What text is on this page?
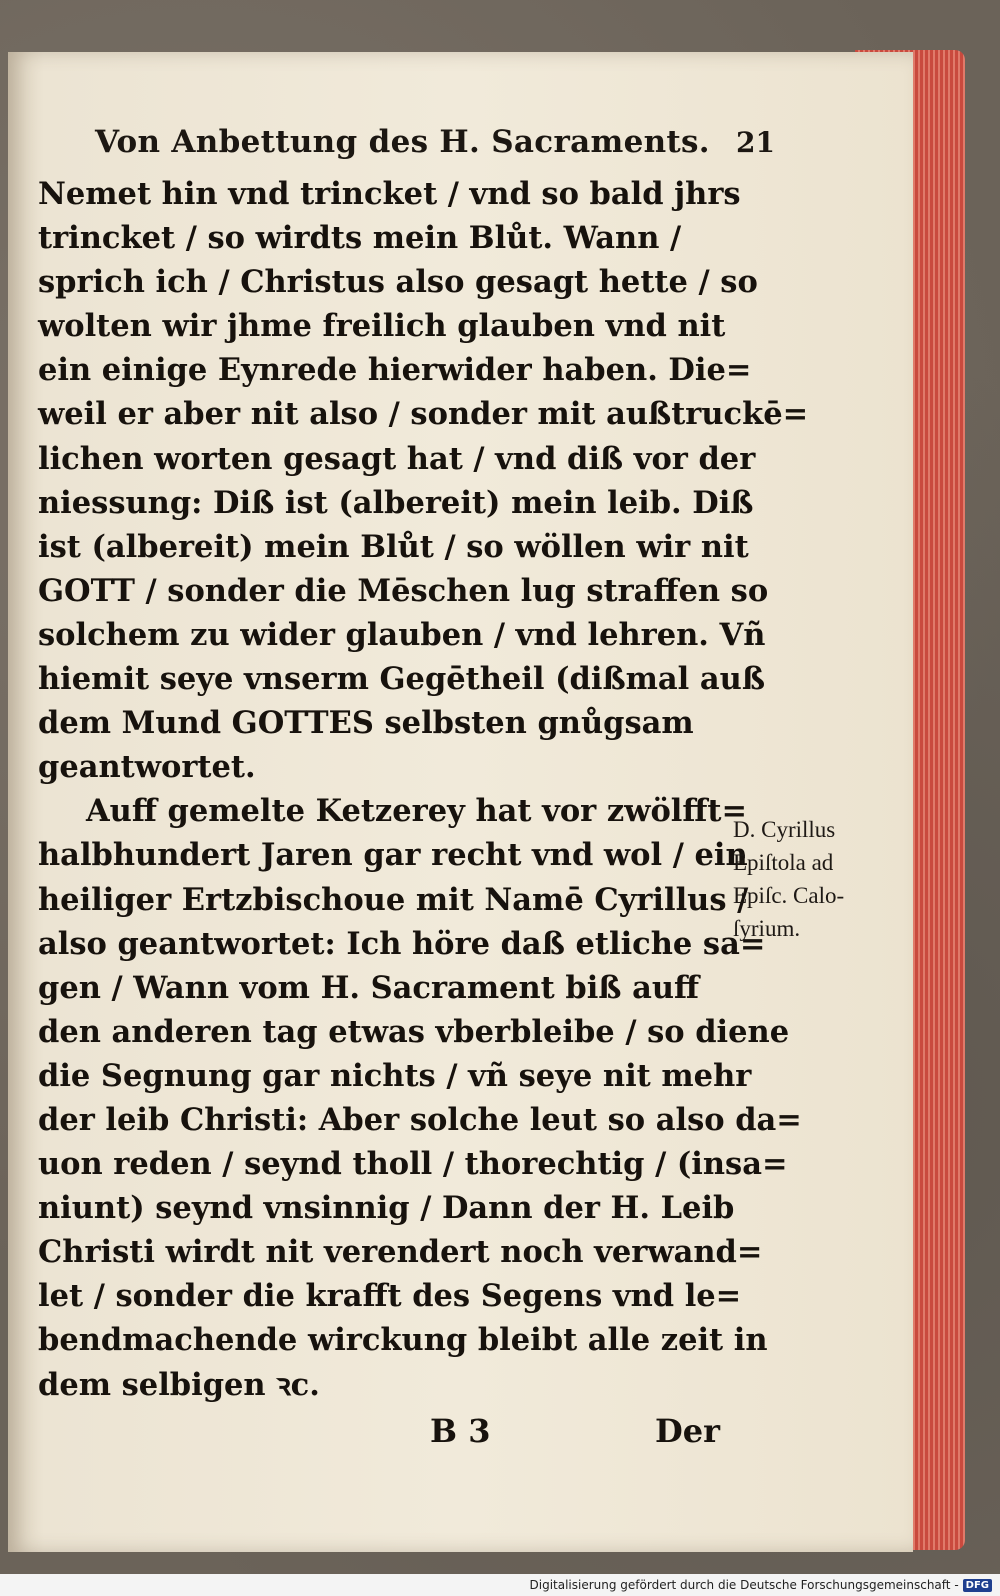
Von Anbettung des H. Sacraments. 21
Nemet hin vnd trincket / vnd so bald jhrs
trincket / so wirdts mein Blůt. Wann /
sprich ich / Christus also gesagt hette / so
wolten wir jhme freilich glauben vnd nit
ein einige Eynrede hierwider haben. Die=
weil er aber nit also / sonder mit außtruckē=
lichen worten gesagt hat / vnd diß vor der
niessung: Diß ist (albereit) mein leib. Diß
ist (albereit) mein Blůt / so wöllen wir nit
GOTT / sonder die Mēschen lug straffen so
solchem zu wider glauben / vnd lehren. Vñ
hiemit seye vnserm Gegētheil (dißmal auß
dem Mund GOTTES selbsten gnůgsam
geantwortet.
Auff gemelte Ketzerey hat vor zwölfft=
halbhundert Jaren gar recht vnd wol / ein
heiliger Ertzbischoue mit Namē Cyrillus /
also geantwortet: Ich höre daß etliche sa=
gen / Wann vom H. Sacrament biß auff
den anderen tag etwas vberbleibe / so diene
die Segnung gar nichts / vñ seye nit mehr
der leib Christi: Aber solche leut so also da=
uon reden / seynd tholl / thorechtig / (insa=
niunt) seynd vnsinnig / Dann der H. Leib
Christi wirdt nit verendert noch verwand=
let / sonder die krafft des Segens vnd le=
bendmachende wirckung bleibt alle zeit in
dem selbigen ꝛc.
D. Cyrillus
Epiſtola ad
Epiſc. Calo-
ſyrium.
B 3	Der
Digitalisierung gefördert durch die Deutsche Forschungsgemeinschaft - DFG
